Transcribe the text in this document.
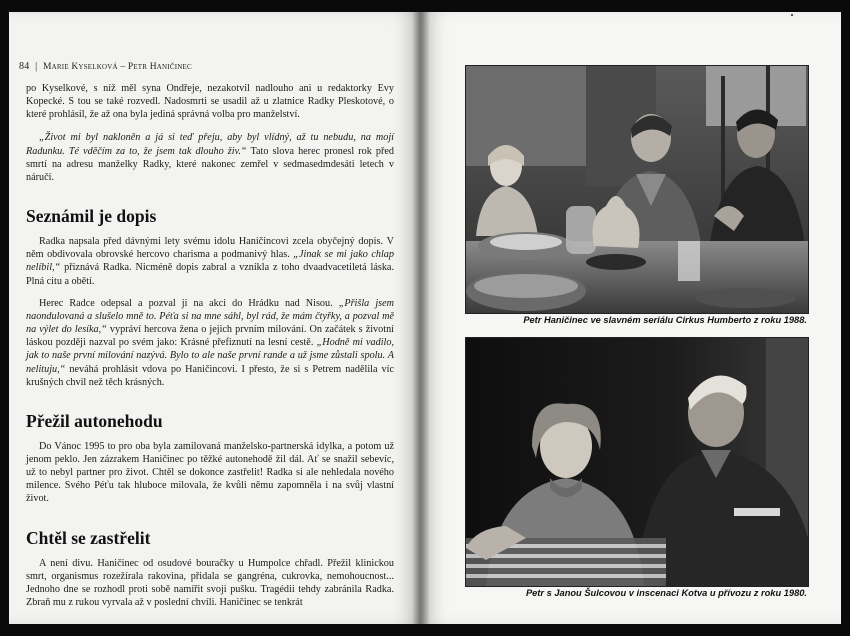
84 | Marie Kyselková – Petr Haničinec

po Kyselkové, s níž měl syna Ondřeje, nezakotvil nadlouho ani u redaktorky Evy Kopecké. S tou se také rozvedl. Nadosmrti se usadil až u zlatnice Radky Pleskotové, o které prohlásil, že až ona byla jediná správná volba pro manželství.

„Život mi byl nakloněn a já si teď přeju, aby byl vlídný, až tu nebudu, na mojí Radunku. Té vděčím za to, že jsem tak dlouho živ.“ Tato slova herec pronesl rok před smrtí na adresu manželky Radky, které nakonec zemřel v sedmasedmdesáti letech v náručí.

Seznámil je dopis

Radka napsala před dávnými lety svému idolu Haničincovi zcela obyčejný dopis. V něm obdivovala obrovské hercovo charisma a podmanivý hlas. „Jinak se mi jako chlap nelíbil,“ přiznává Radka. Nicméně dopis zabral a vznikla z toho dvaadvacetiletá láska. Plná citu a obětí.

Herec Radce odepsal a pozval ji na akci do Hrádku nad Nisou. „Přišla jsem naondulovaná a slušelo mně to. Péťa si na mne sáhl, byl rád, že mám čtyřky, a pozval mě na výlet do lesíka,“ vypráví hercova žena o jejich prvním milování. On začátek s životní láskou později nazval po svém jako: Krásné přefiznutí na lesní cestě. „Hodně mi vadilo, jak to naše první milování nazývá. Bylo to ale naše první rande a už jsme zůstali spolu. A nelituju,“ neváhá prohlásit vdova po Haničincovi. I přesto, že si s Petrem nadělila víc krušných chvil než těch krásných.

Přežil autonehodu

Do Vánoc 1995 to pro oba byla zamilovaná manželsko-partnerská idylka, a potom už jenom peklo. Jen zázrakem Haničinec po těžké autonehodě žil dál. Ať se snažil sebevíc, už to nebyl partner pro život. Chtěl se dokonce zastřelit! Radka si ale nehledala nového milence. Svého Péťu tak hluboce milovala, že kvůli němu zapomněla i na svůj vlastní život.

Chtěl se zastřelit

A není divu. Haničinec od osudové bouračky u Humpolce chřadl. Přežil klinickou smrt, organismus rozežírala rakovina, přidala se gangréna, cukrovka, nemohoucnost... Jednoho dne se rozhodl proti sobě namířit svoji pušku. Tragédii tehdy zabránila Radka. Zbraň mu z rukou vyrvala až v poslední chvíli. Haničinec se tenkrát

Petr Haničinec ve slavném seriálu Cirkus Humberto z roku 1988.
Petr s Janou Šulcovou v inscenaci Kotva u přívozu z roku 1980.
